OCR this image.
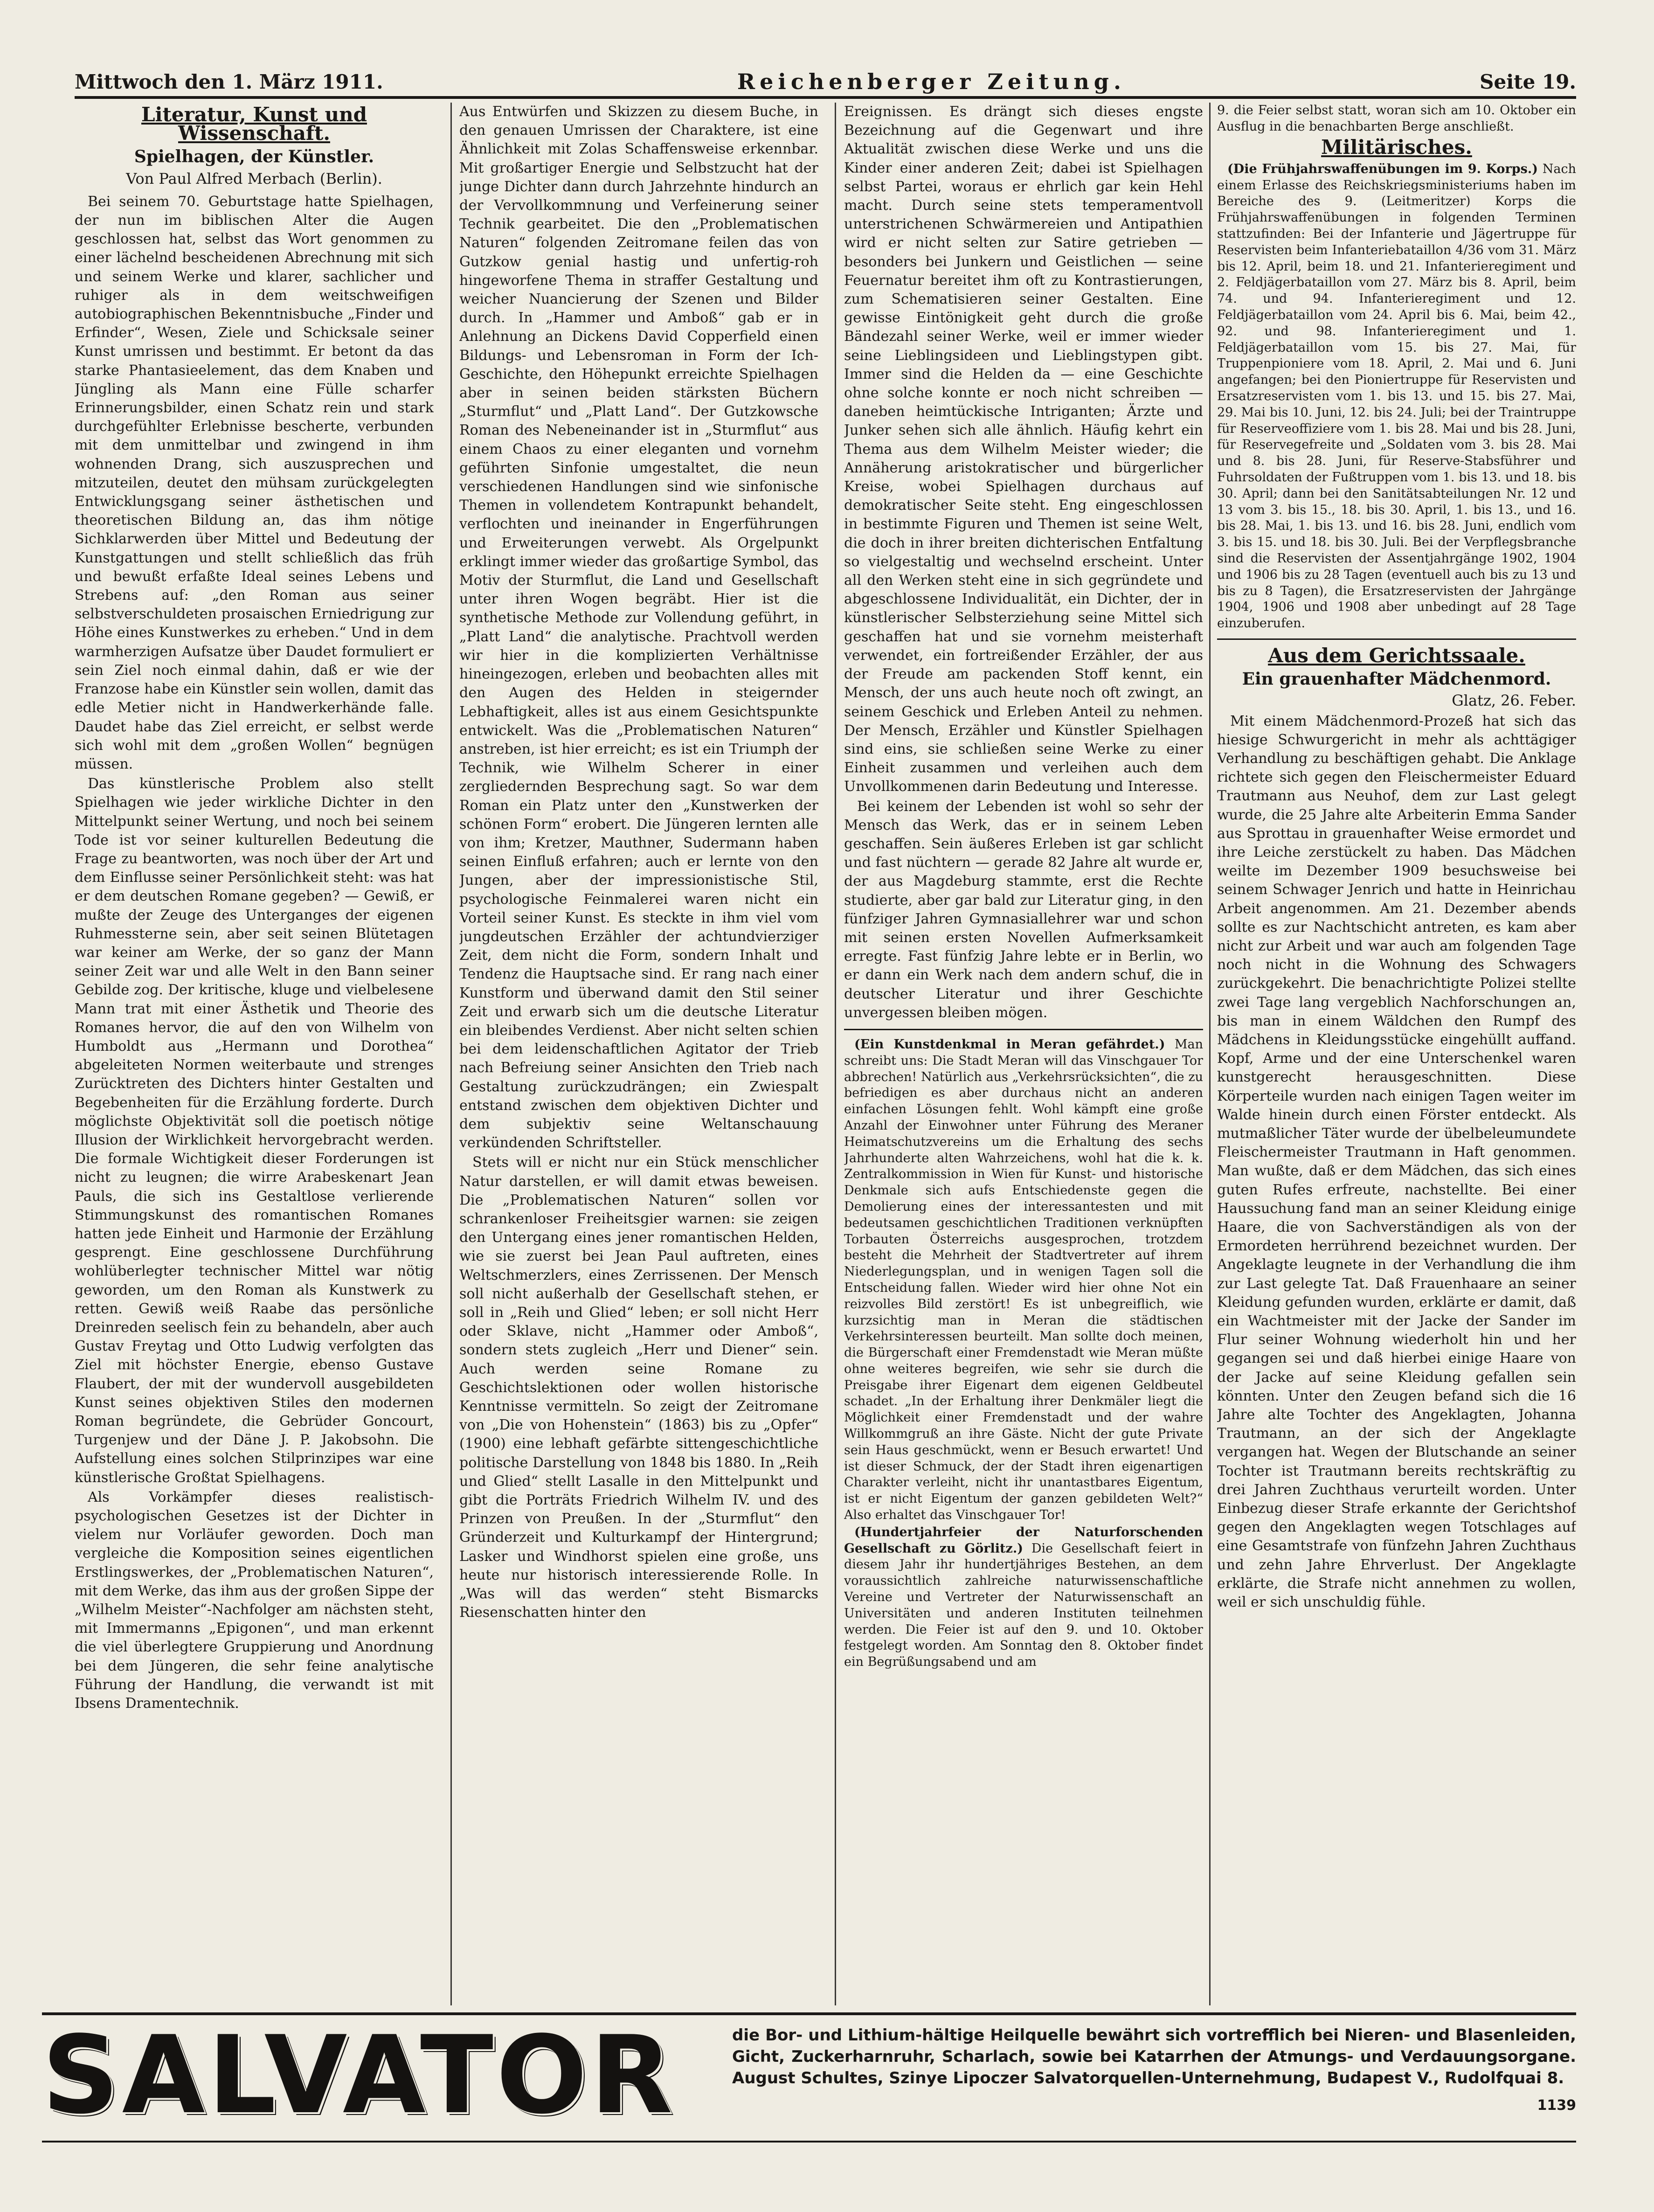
Mittwoch den 1. März 1911.	Reichenberger Zeitung.	Seite 19.
Literatur, Kunst und Wissenschaft.
Spielhagen, der Künstler.
Von Paul Alfred Merbach (Berlin).

Bei seinem 70. Geburtstage hatte Spielhagen, der nun im biblischen Alter die Augen geschlossen hat, selbst das Wort genommen zu einer lächelnd bescheidenen Abrechnung mit sich und seinem Werke und klarer, sachlicher und ruhiger als in dem weitschweifigen autobiographischen Bekenntnisbuche „Finder und Erfinder“, Wesen, Ziele und Schicksale seiner Kunst umrissen und bestimmt. Er betont da das starke Phantasieelement, das dem Knaben und Jüngling als Mann eine Fülle scharfer Erinnerungsbilder, einen Schatz rein und stark durchgefühlter Erlebnisse bescherte, verbunden mit dem unmittelbar und zwingend in ihm wohnenden Drang, sich auszusprechen und mitzuteilen, deutet den mühsam zurückgelegten Entwicklungsgang seiner ästhetischen und theoretischen Bildung an, das ihm nötige Sichklarwerden über Mittel und Bedeutung der Kunstgattungen und stellt schließlich das früh und bewußt erfaßte Ideal seines Lebens und Strebens auf: „den Roman aus seiner selbstverschuldeten prosaischen Erniedrigung zur Höhe eines Kunstwerkes zu erheben.“ Und in dem warmherzigen Aufsatze über Daudet formuliert er sein Ziel noch einmal dahin, daß er wie der Franzose habe ein Künstler sein wollen, damit das edle Metier nicht in Handwerkerhände falle. Daudet habe das Ziel erreicht, er selbst werde sich wohl mit dem „großen Wollen“ begnügen müssen.

Das künstlerische Problem also stellt Spielhagen wie jeder wirkliche Dichter in den Mittelpunkt seiner Wertung, und noch bei seinem Tode ist vor seiner kulturellen Bedeutung die Frage zu beantworten, was noch über der Art und dem Einflusse seiner Persönlichkeit steht: was hat er dem deutschen Romane gegeben? — Gewiß, er mußte der Zeuge des Unterganges der eigenen Ruhmessterne sein, aber seit seinen Blütetagen war keiner am Werke, der so ganz der Mann seiner Zeit war und alle Welt in den Bann seiner Gebilde zog. Der kritische, kluge und vielbelesene Mann trat mit einer Ästhetik und Theorie des Romanes hervor, die auf den von Wilhelm von Humboldt aus „Hermann und Dorothea“ abgeleiteten Normen weiterbaute und strenges Zurücktreten des Dichters hinter Gestalten und Begebenheiten für die Erzählung forderte. Durch möglichste Objektivität soll die poetisch nötige Illusion der Wirklichkeit hervorgebracht werden. Die formale Wichtigkeit dieser Forderungen ist nicht zu leugnen; die wirre Arabeskenart Jean Pauls, die sich ins Gestaltlose verlierende Stimmungskunst des romantischen Romanes hatten jede Einheit und Harmonie der Erzählung gesprengt. Eine geschlossene Durchführung wohlüberlegter technischer Mittel war nötig geworden, um den Roman als Kunstwerk zu retten. Gewiß weiß Raabe das persönliche Dreinreden seelisch fein zu behandeln, aber auch Gustav Freytag und Otto Ludwig verfolgten das Ziel mit höchster Energie, ebenso Gustave Flaubert, der mit der wundervoll ausgebildeten Kunst seines objektiven Stiles den modernen Roman begründete, die Gebrüder Goncourt, Turgenjew und der Däne J. P. Jakobsohn. Die Aufstellung eines solchen Stilprinzipes war eine künstlerische Großtat Spielhagens.

Als Vorkämpfer dieses realistisch-psychologischen Gesetzes ist der Dichter in vielem nur Vorläufer geworden. Doch man vergleiche die Komposition seines eigentlichen Erstlingswerkes, der „Problematischen Naturen“, mit dem Werke, das ihm aus der großen Sippe der „Wilhelm Meister“-Nachfolger am nächsten steht, mit Immermanns „Epigonen“, und man erkennt die viel überlegtere Gruppierung und Anordnung bei dem Jüngeren, die sehr feine analytische Führung der Handlung, die verwandt ist mit Ibsens Dramentechnik.

Aus Entwürfen und Skizzen zu diesem Buche, in den genauen Umrissen der Charaktere, ist eine Ähnlichkeit mit Zolas Schaffensweise erkennbar. Mit großartiger Energie und Selbstzucht hat der junge Dichter dann durch Jahrzehnte hindurch an der Vervollkommnung und Verfeinerung seiner Technik gearbeitet. Die den „Problematischen Naturen“ folgenden Zeitromane feilen das von Gutzkow genial hastig und unfertig-roh hingeworfene Thema in straffer Gestaltung und weicher Nuancierung der Szenen und Bilder durch. In „Hammer und Amboß“ gab er in Anlehnung an Dickens David Copperfield einen Bildungs- und Lebensroman in Form der Ich-Geschichte, den Höhepunkt erreichte Spielhagen aber in seinen beiden stärksten Büchern „Sturmflut“ und „Platt Land“. Der Gutzkowsche Roman des Nebeneinander ist in „Sturmflut“ aus einem Chaos zu einer eleganten und vornehm geführten Sinfonie umgestaltet, die neun verschiedenen Handlungen sind wie sinfonische Themen in vollendetem Kontrapunkt behandelt, verflochten und ineinander in Engerführungen und Erweiterungen verwebt. Als Orgelpunkt erklingt immer wieder das großartige Symbol, das Motiv der Sturmflut, die Land und Gesellschaft unter ihren Wogen begräbt. Hier ist die synthetische Methode zur Vollendung geführt, in „Platt Land“ die analytische. Prachtvoll werden wir hier in die komplizierten Verhältnisse hineingezogen, erleben und beobachten alles mit den Augen des Helden in steigernder Lebhaftigkeit, alles ist aus einem Gesichtspunkte entwickelt. Was die „Problematischen Naturen“ anstreben, ist hier erreicht; es ist ein Triumph der Technik, wie Wilhelm Scherer in einer zergliedernden Besprechung sagt. So war dem Roman ein Platz unter den „Kunstwerken der schönen Form“ erobert. Die Jüngeren lernten alle von ihm; Kretzer, Mauthner, Sudermann haben seinen Einfluß erfahren; auch er lernte von den Jungen, aber der impressionistische Stil, psychologische Feinmalerei waren nicht ein Vorteil seiner Kunst. Es steckte in ihm viel vom jungdeutschen Erzähler der achtundvierziger Zeit, dem nicht die Form, sondern Inhalt und Tendenz die Hauptsache sind. Er rang nach einer Kunstform und überwand damit den Stil seiner Zeit und erwarb sich um die deutsche Literatur ein bleibendes Verdienst. Aber nicht selten schien bei dem leidenschaftlichen Agitator der Trieb nach Befreiung seiner Ansichten den Trieb nach Gestaltung zurückzudrängen; ein Zwiespalt entstand zwischen dem objektiven Dichter und dem subjektiv seine Weltanschauung verkündenden Schriftsteller.

Stets will er nicht nur ein Stück menschlicher Natur darstellen, er will damit etwas beweisen. Die „Problematischen Naturen“ sollen vor schrankenloser Freiheitsgier warnen: sie zeigen den Untergang eines jener romantischen Helden, wie sie zuerst bei Jean Paul auftreten, eines Weltschmerzlers, eines Zerrissenen. Der Mensch soll nicht außerhalb der Gesellschaft stehen, er soll in „Reih und Glied“ leben; er soll nicht Herr oder Sklave, nicht „Hammer oder Amboß“, sondern stets zugleich „Herr und Diener“ sein. Auch werden seine Romane zu Geschichtslektionen oder wollen historische Kenntnisse vermitteln. So zeigt der Zeitromane von „Die von Hohenstein“ (1863) bis zu „Opfer“ (1900) eine lebhaft gefärbte sittengeschichtliche politische Darstellung von 1848 bis 1880. In „Reih und Glied“ stellt Lasalle in den Mittelpunkt und gibt die Porträts Friedrich Wilhelm IV. und des Prinzen von Preußen. In der „Sturmflut“ den Gründerzeit und Kulturkampf der Hintergrund; Lasker und Windhorst spielen eine große, uns heute nur historisch interessierende Rolle. In „Was will das werden“ steht Bismarcks Riesenschatten hinter den

Ereignissen. Es drängt sich dieses engste Bezeichnung auf die Gegenwart und ihre Aktualität zwischen diese Werke und uns die Kinder einer anderen Zeit; dabei ist Spielhagen selbst Partei, woraus er ehrlich gar kein Hehl macht. Durch seine stets temperamentvoll unterstrichenen Schwärmereien und Antipathien wird er nicht selten zur Satire getrieben — besonders bei Junkern und Geistlichen — seine Feuernatur bereitet ihm oft zu Kontrastierungen, zum Schematisieren seiner Gestalten. Eine gewisse Eintönigkeit geht durch die große Bändezahl seiner Werke, weil er immer wieder seine Lieblingsideen und Lieblingstypen gibt. Immer sind die Helden da — eine Geschichte ohne solche konnte er noch nicht schreiben — daneben heimtückische Intriganten; Ärzte und Junker sehen sich alle ähnlich. Häufig kehrt ein Thema aus dem Wilhelm Meister wieder; die Annäherung aristokratischer und bürgerlicher Kreise, wobei Spielhagen durchaus auf demokratischer Seite steht. Eng eingeschlossen in bestimmte Figuren und Themen ist seine Welt, die doch in ihrer breiten dichterischen Entfaltung so vielgestaltig und wechselnd erscheint. Unter all den Werken steht eine in sich gegründete und abgeschlossene Individualität, ein Dichter, der in künstlerischer Selbsterziehung seine Mittel sich geschaffen hat und sie vornehm meisterhaft verwendet, ein fortreißender Erzähler, der aus der Freude am packenden Stoff kennt, ein Mensch, der uns auch heute noch oft zwingt, an seinem Geschick und Erleben Anteil zu nehmen. Der Mensch, Erzähler und Künstler Spielhagen sind eins, sie schließen seine Werke zu einer Einheit zusammen und verleihen auch dem Unvollkommenen darin Bedeutung und Interesse.

Bei keinem der Lebenden ist wohl so sehr der Mensch das Werk, das er in seinem Leben geschaffen. Sein äußeres Erleben ist gar schlicht und fast nüchtern — gerade 82 Jahre alt wurde er, der aus Magdeburg stammte, erst die Rechte studierte, aber gar bald zur Literatur ging, in den fünfziger Jahren Gymnasiallehrer war und schon mit seinen ersten Novellen Aufmerksamkeit erregte. Fast fünfzig Jahre lebte er in Berlin, wo er dann ein Werk nach dem andern schuf, die in deutscher Literatur und ihrer Geschichte unvergessen bleiben mögen.

(Ein Kunstdenkmal in Meran gefährdet.) Man schreibt uns: Die Stadt Meran will das Vinschgauer Tor abbrechen! Natürlich aus „Verkehrsrücksichten“, die zu befriedigen es aber durchaus nicht an anderen einfachen Lösungen fehlt. Wohl kämpft eine große Anzahl der Einwohner unter Führung des Meraner Heimatschutzvereins um die Erhaltung des sechs Jahrhunderte alten Wahrzeichens, wohl hat die k. k. Zentralkommission in Wien für Kunst- und historische Denkmale sich aufs Entschiedenste gegen die Demolierung eines der interessantesten und mit bedeutsamen geschichtlichen Traditionen verknüpften Torbauten Österreichs ausgesprochen, trotzdem besteht die Mehrheit der Stadtvertreter auf ihrem Niederlegungsplan, und in wenigen Tagen soll die Entscheidung fallen. Wieder wird hier ohne Not ein reizvolles Bild zerstört! Es ist unbegreiflich, wie kurzsichtig man in Meran die städtischen Verkehrsinteressen beurteilt. Man sollte doch meinen, die Bürgerschaft einer Fremdenstadt wie Meran müßte ohne weiteres begreifen, wie sehr sie durch die Preisgabe ihrer Eigenart dem eigenen Geldbeutel schadet. „In der Erhaltung ihrer Denkmäler liegt die Möglichkeit einer Fremdenstadt und der wahre Willkommgruß an ihre Gäste. Nicht der gute Private sein Haus geschmückt, wenn er Besuch erwartet! Und ist dieser Schmuck, der der Stadt ihren eigenartigen Charakter verleiht, nicht ihr unantastbares Eigentum, ist er nicht Eigentum der ganzen gebildeten Welt?“ Also erhaltet das Vinschgauer Tor!

(Hundertjahrfeier der Naturforschenden Gesellschaft zu Görlitz.) Die Gesellschaft feiert in diesem Jahr ihr hundertjähriges Bestehen, an dem voraussichtlich zahlreiche naturwissenschaftliche Vereine und Vertreter der Naturwissenschaft an Universitäten und anderen Instituten teilnehmen werden. Die Feier ist auf den 9. und 10. Oktober festgelegt worden. Am Sonntag den 8. Oktober findet ein Begrüßungsabend und am

9. die Feier selbst statt, woran sich am 10. Oktober ein Ausflug in die benachbarten Berge anschließt.

Militärisches.

(Die Frühjahrswaffenübungen im 9. Korps.) Nach einem Erlasse des Reichskriegsministeriums haben im Bereiche des 9. (Leitmeritzer) Korps die Frühjahrswaffenübungen in folgenden Terminen stattzufinden: Bei der Infanterie und Jägertruppe für Reservisten beim Infanteriebataillon 4/36 vom 31. März bis 12. April, beim 18. und 21. Infanterieregiment und 2. Feldjägerbataillon vom 27. März bis 8. April, beim 74. und 94. Infanterieregiment und 12. Feldjägerbataillon vom 24. April bis 6. Mai, beim 42., 92. und 98. Infanterieregiment und 1. Feldjägerbataillon vom 15. bis 27. Mai, für Truppenpioniere vom 18. April, 2. Mai und 6. Juni angefangen; bei den Pioniertruppe für Reservisten und Ersatzreservisten vom 1. bis 13. und 15. bis 27. Mai, 29. Mai bis 10. Juni, 12. bis 24. Juli; bei der Traintruppe für Reserveoffiziere vom 1. bis 28. Mai und bis 28. Juni, für Reservegefreite und „Soldaten vom 3. bis 28. Mai und 8. bis 28. Juni, für Reserve-Stabsführer und Fuhrsoldaten der Fußtruppen vom 1. bis 13. und 18. bis 30. April; dann bei den Sanitätsabteilungen Nr. 12 und 13 vom 3. bis 15., 18. bis 30. April, 1. bis 13., und 16. bis 28. Mai, 1. bis 13. und 16. bis 28. Juni, endlich vom 3. bis 15. und 18. bis 30. Juli. Bei der Verpflegsbranche sind die Reservisten der Assentjahrgänge 1902, 1904 und 1906 bis zu 28 Tagen (eventuell auch bis zu 13 und bis zu 8 Tagen), die Ersatzreservisten der Jahrgänge 1904, 1906 und 1908 aber unbedingt auf 28 Tage einzuberufen.

Aus dem Gerichtssaale.
Ein grauenhafter Mädchenmord.
Glatz, 26. Feber.

Mit einem Mädchenmord-Prozeß hat sich das hiesige Schwurgericht in mehr als achttägiger Verhandlung zu beschäftigen gehabt. Die Anklage richtete sich gegen den Fleischermeister Eduard Trautmann aus Neuhof, dem zur Last gelegt wurde, die 25 Jahre alte Arbeiterin Emma Sander aus Sprottau in grauenhafter Weise ermordet und ihre Leiche zerstückelt zu haben. Das Mädchen weilte im Dezember 1909 besuchsweise bei seinem Schwager Jenrich und hatte in Heinrichau Arbeit angenommen. Am 21. Dezember abends sollte es zur Nachtschicht antreten, es kam aber nicht zur Arbeit und war auch am folgenden Tage noch nicht in die Wohnung des Schwagers zurückgekehrt. Die benachrichtigte Polizei stellte zwei Tage lang vergeblich Nachforschungen an, bis man in einem Wäldchen den Rumpf des Mädchens in Kleidungsstücke eingehüllt auffand. Kopf, Arme und der eine Unterschenkel waren kunstgerecht herausgeschnitten. Diese Körperteile wurden nach einigen Tagen weiter im Walde hinein durch einen Förster entdeckt. Als mutmaßlicher Täter wurde der übelbeleumundete Fleischermeister Trautmann in Haft genommen. Man wußte, daß er dem Mädchen, das sich eines guten Rufes erfreute, nachstellte. Bei einer Haussuchung fand man an seiner Kleidung einige Haare, die von Sachverständigen als von der Ermordeten herrührend bezeichnet wurden. Der Angeklagte leugnete in der Verhandlung die ihm zur Last gelegte Tat. Daß Frauenhaare an seiner Kleidung gefunden wurden, erklärte er damit, daß ein Wachtmeister mit der Jacke der Sander im Flur seiner Wohnung wiederholt hin und her gegangen sei und daß hierbei einige Haare von der Jacke auf seine Kleidung gefallen sein könnten. Unter den Zeugen befand sich die 16 Jahre alte Tochter des Angeklagten, Johanna Trautmann, an der sich der Angeklagte vergangen hat. Wegen der Blutschande an seiner Tochter ist Trautmann bereits rechtskräftig zu drei Jahren Zuchthaus verurteilt worden. Unter Einbezug dieser Strafe erkannte der Gerichtshof gegen den Angeklagten wegen Totschlages auf eine Gesamtstrafe von fünfzehn Jahren Zuchthaus und zehn Jahre Ehrverlust. Der Angeklagte erklärte, die Strafe nicht annehmen zu wollen, weil er sich unschuldig fühle.

SALVATOR	die Bor- und Lithium-hältige Heilquelle bewährt sich vortrefflich bei Nieren- und Blasenleiden, Gicht, Zuckerharnruhr, Scharlach, sowie bei Katarrhen der Atmungs- und Verdauungsorgane. August Schultes, Szinye Lipoczer Salvatorquellen-Unternehmung, Budapest V., Rudolfquai 8.
1139
